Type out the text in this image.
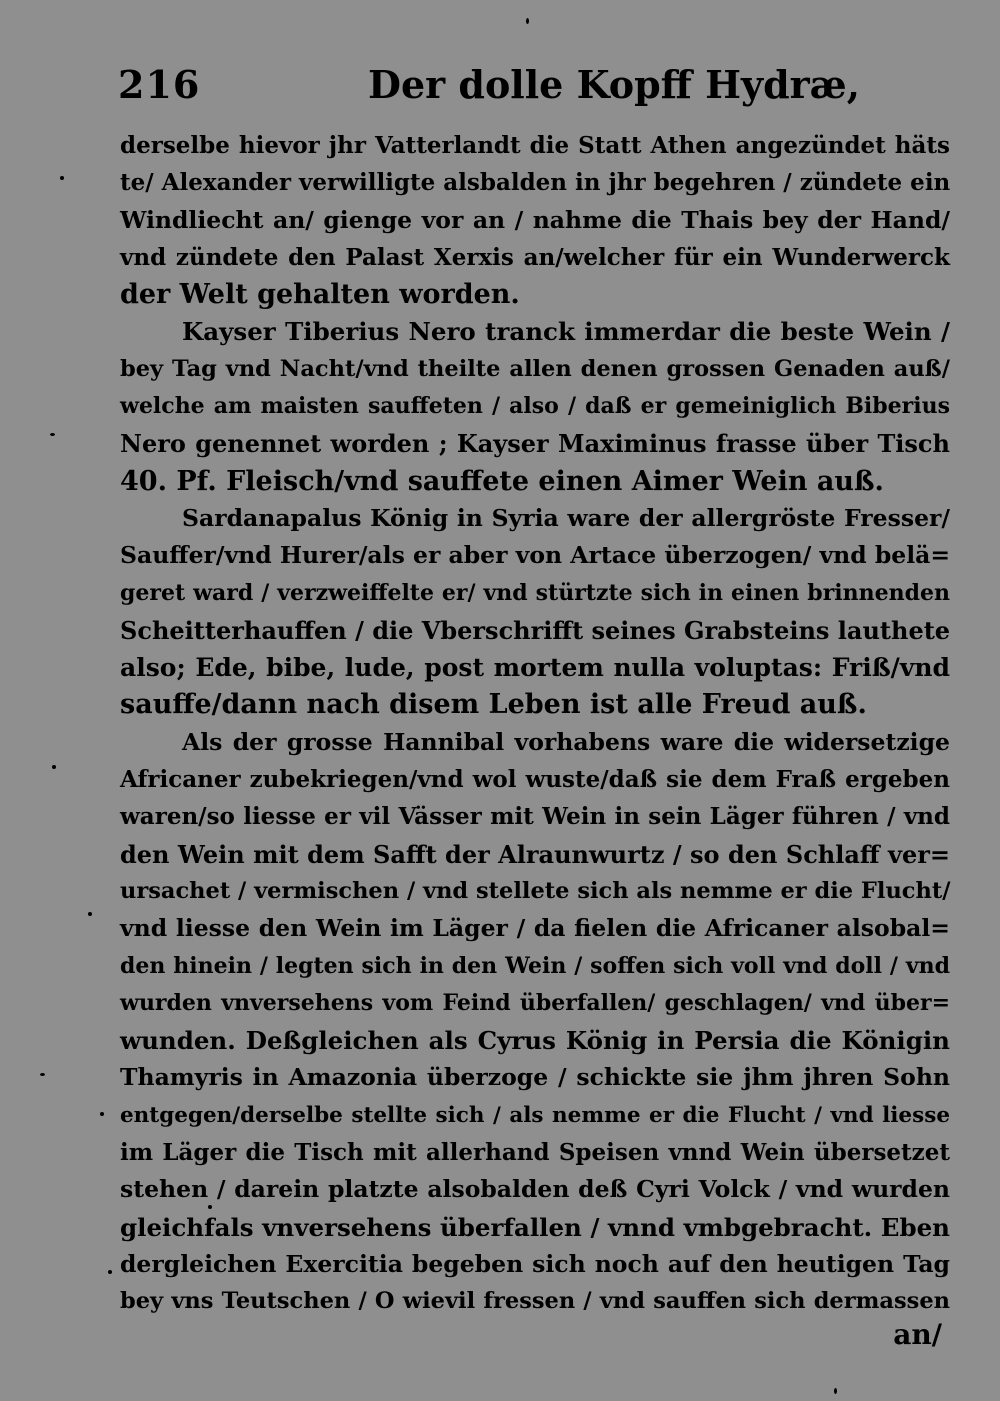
216	Der dolle Kopff Hydræ,
derselbe hievor jhr Vatterlandt die Statt Athen angezündet häts
te/ Alexander verwilligte alsbalden in jhr begehren / zündete ein
Windliecht an/ gienge vor an / nahme die Thais bey der Hand/
vnd zündete den Palast Xerxis an/welcher für ein Wunderwerck
der Welt gehalten worden.
Kayser Tiberius Nero tranck immerdar die beste Wein /
bey Tag vnd Nacht/vnd theilte allen denen grossen Genaden auß/
welche am maisten sauffeten / also / daß er gemeiniglich Biberius
Nero genennet worden ; Kayser Maximinus frasse über Tisch
40. Pf. Fleisch/vnd sauffete einen Aimer Wein auß.
Sardanapalus König in Syria ware der allergröste Fresser/
Sauffer/vnd Hurer/als er aber von Artace überzogen/ vnd belä=
geret ward / verzweiffelte er/ vnd stürtzte sich in einen brinnenden
Scheitterhauffen / die Vberschrifft seines Grabsteins lauthete
also; Ede, bibe, lude, post mortem nulla voluptas: Friß/vnd
sauffe/dann nach disem Leben ist alle Freud auß.
Als der grosse Hannibal vorhabens ware die widersetzige
Africaner zubekriegen/vnd wol wuste/daß sie dem Fraß ergeben
waren/so liesse er vil Vässer mit Wein in sein Läger führen / vnd
den Wein mit dem Safft der Alraunwurtz / so den Schlaff ver=
ursachet / vermischen / vnd stellete sich als nemme er die Flucht/
vnd liesse den Wein im Läger / da fielen die Africaner alsobal=
den hinein / legten sich in den Wein / soffen sich voll vnd doll / vnd
wurden vnversehens vom Feind überfallen/ geschlagen/ vnd über=
wunden. Deßgleichen als Cyrus König in Persia die Königin
Thamyris in Amazonia überzoge / schickte sie jhm jhren Sohn
entgegen/derselbe stellte sich / als nemme er die Flucht / vnd liesse
im Läger die Tisch mit allerhand Speisen vnnd Wein übersetzet
stehen / darein platzte alsobalden deß Cyri Volck / vnd wurden
gleichfals vnversehens überfallen / vnnd vmbgebracht. Eben
dergleichen Exercitia begeben sich noch auf den heutigen Tag
bey vns Teutschen / O wievil fressen / vnd sauffen sich dermassen
an/
